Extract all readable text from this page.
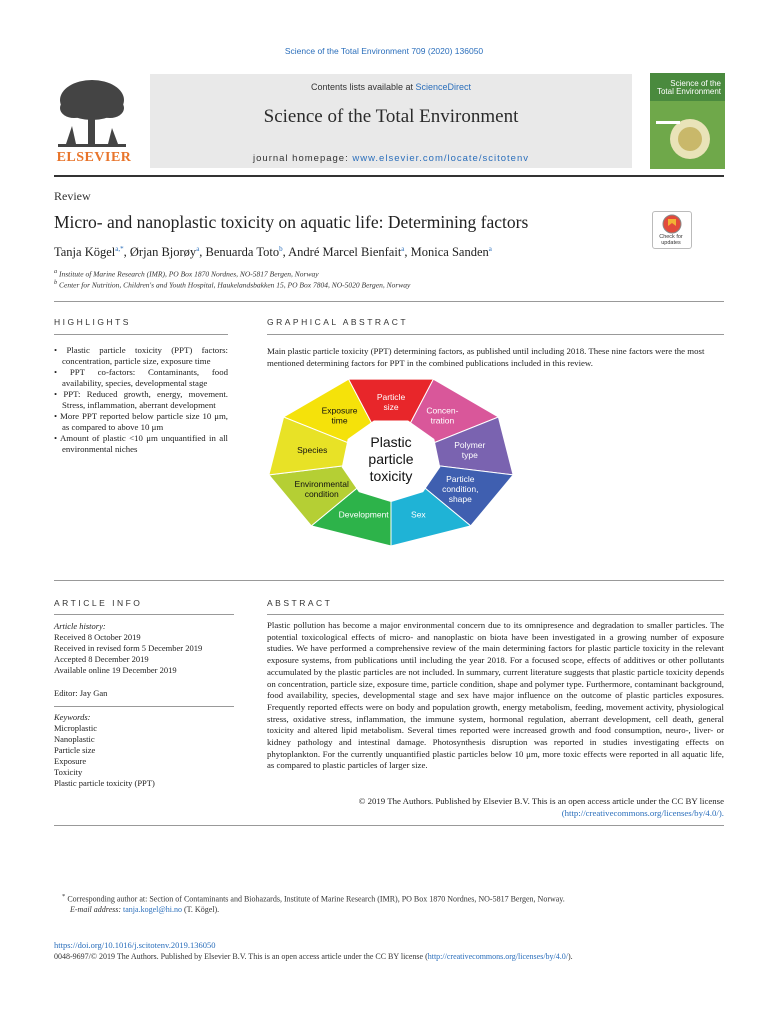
Science of the Total Environment 709 (2020) 136050
ELSEVIER
Contents lists available at ScienceDirect
Science of the Total Environment
journal homepage: www.elsevier.com/locate/scitotenv
Science of the Total Environment
Review
Micro- and nanoplastic toxicity on aquatic life: Determining factors
Check for updates
Tanja Kögel$^{a,*}$, Ørjan Bjorøy$^a$, Benuarda Toto$^b$, André Marcel Bienfait$^a$, Monica Sanden$^a$
$^a$ Institute of Marine Research (IMR), PO Box 1870 Nordnes, NO-5817 Bergen, Norway
$^b$ Center for Nutrition, Children's and Youth Hospital, Haukelandsbakken 15, PO Box 7804, NO-5020 Bergen, Norway
HIGHLIGHTS
• Plastic particle toxicity (PPT) factors: concentration, particle size, exposure time
• PPT co-factors: Contaminants, food availability, species, developmental stage
• PPT: Reduced growth, energy, movement. Stress, inflammation, aberrant development
• More PPT reported below particle size 10 μm, as compared to above 10 μm
• Amount of plastic <10 μm unquantified in all environmental niches
GRAPHICAL ABSTRACT
Main plastic particle toxicity (PPT) determining factors, as published until including 2018. These nine factors were the most mentioned determining factors for PPT in the combined publications included in this review.
Exposure time
Particle size	Concen-tration
Polymer type
Particle condition, shape
Sex
Development
Environmental condition
Species	Plastic particle toxicity
ARTICLE INFO
Article history:
Received 8 October 2019
Received in revised form 5 December 2019
Accepted 8 December 2019
Available online 19 December 2019
Editor: Jay Gan
Keywords:
Microplastic
Nanoplastic
Particle size
Exposure
Toxicity
Plastic particle toxicity (PPT)
ABSTRACT
Plastic pollution has become a major environmental concern due to its omnipresence and degradation to smaller particles. The potential toxicological effects of micro- and nanoplastic on biota have been investigated in a growing number of exposure studies. We have performed a comprehensive review of the main determining factors for plastic particle toxicity in the relevant exposure systems, from publications until including the year 2018. For a focused scope, effects of additives or other pollutants accumulated by the plastic particles are not included. In summary, current literature suggests that plastic particle toxicity depends on concentration, particle size, exposure time, particle condition, shape and polymer type. Furthermore, contaminant background, food availability, species, developmental stage and sex have major influence on the outcome of plastic particles exposures. Frequently reported effects were on body and population growth, energy metabolism, feeding, movement activity, physiological stress, oxidative stress, inflammation, the immune system, hormonal regulation, aberrant development, cell death, general toxicity and altered lipid metabolism. Several times reported were increased growth and food consumption, neuro-, liver- or kidney pathology and intestinal damage. Photosynthesis disruption was reported in studies investigating effects on phytoplankton. For the currently unquantified plastic particles below 10 μm, more toxic effects were reported in all aquatic life, as compared to plastic particles of larger size.
© 2019 The Authors. Published by Elsevier B.V. This is an open access article under the CC BY license
(http://creativecommons.org/licenses/by/4.0/).
* Corresponding author at: Section of Contaminants and Biohazards, Institute of Marine Research (IMR), PO Box 1870 Nordnes, NO-5817 Bergen, Norway.
E-mail address: tanja.kogel@hi.no (T. Kögel).
https://doi.org/10.1016/j.scitotenv.2019.136050
0048-9697/© 2019 The Authors. Published by Elsevier B.V. This is an open access article under the CC BY license (http://creativecommons.org/licenses/by/4.0/).
